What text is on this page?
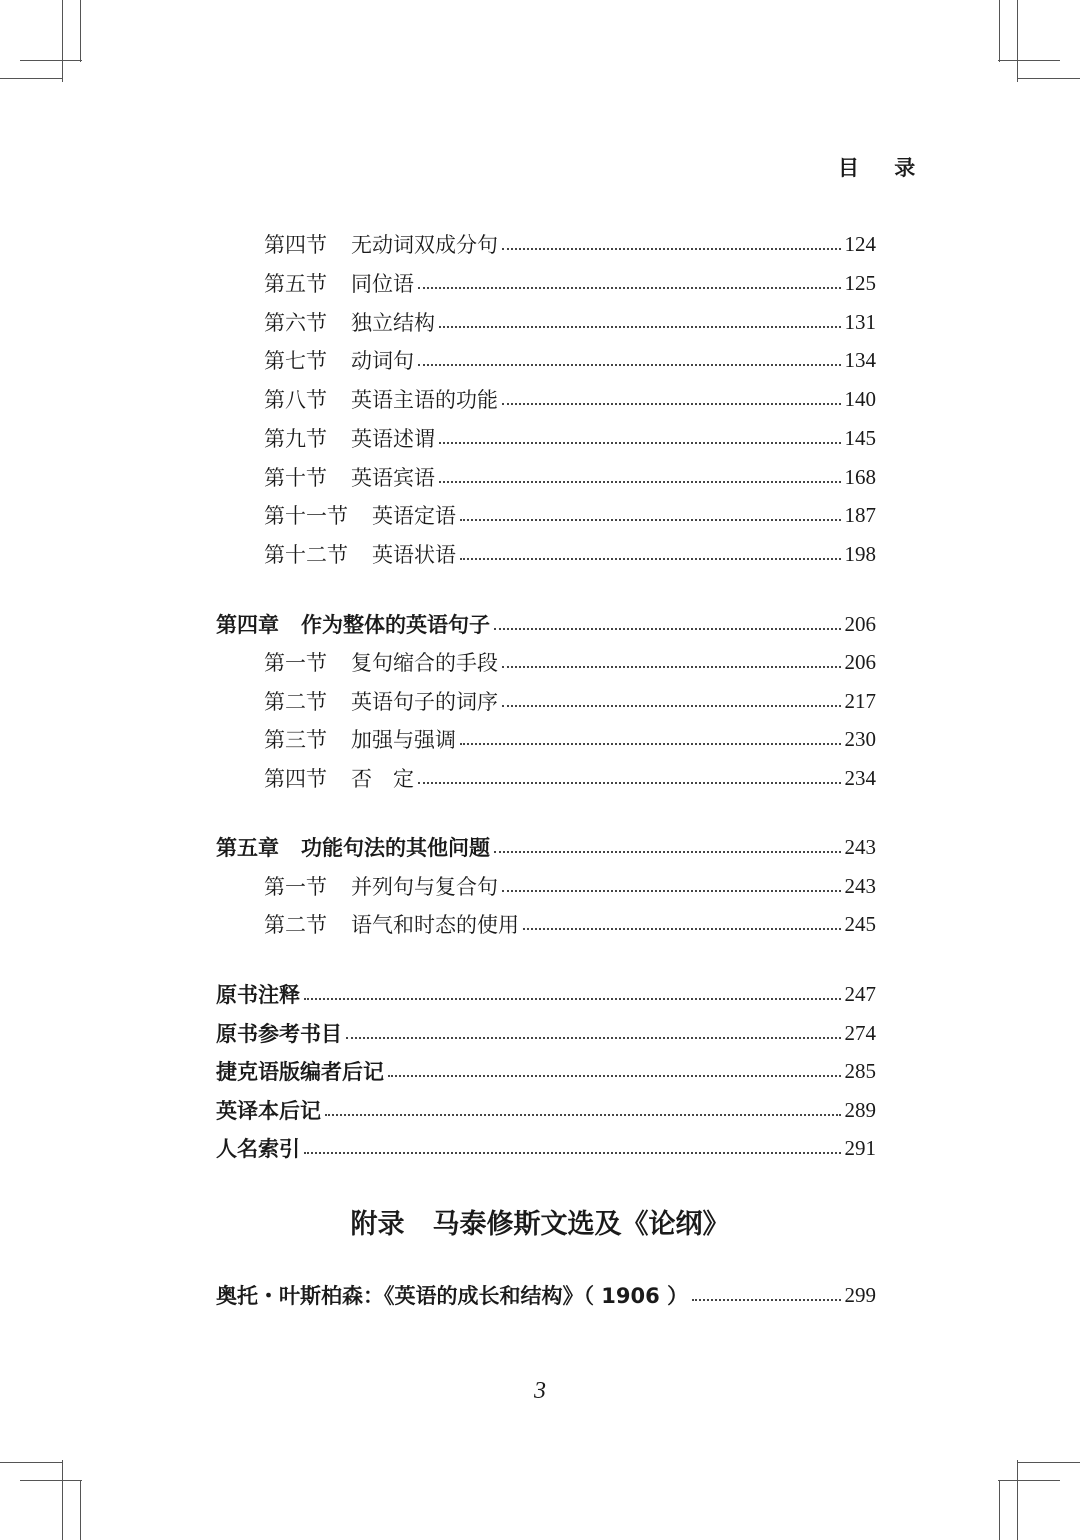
目 录
第四节 无动词双成分句	124
第五节 同位语	125
第六节 独立结构	131
第七节 动词句	134
第八节 英语主语的功能	140
第九节 英语述谓	145
第十节 英语宾语	168
第十一节 英语定语	187
第十二节 英语状语	198
第四章 作为整体的英语句子	206
第一节 复句缩合的手段	206
第二节 英语句子的词序	217
第三节 加强与强调	230
第四节 否　定	234
第五章 功能句法的其他问题	243
第一节 并列句与复合句	243
第二节 语气和时态的使用	245
原书注释	247
原书参考书目	274
捷克语版编者后记	285
英译本后记	289
人名索引	291
附录 马泰修斯文选及《论纲》
奥托・叶斯柏森：《英语的成长和结构》（ 1906 ）	299
3
